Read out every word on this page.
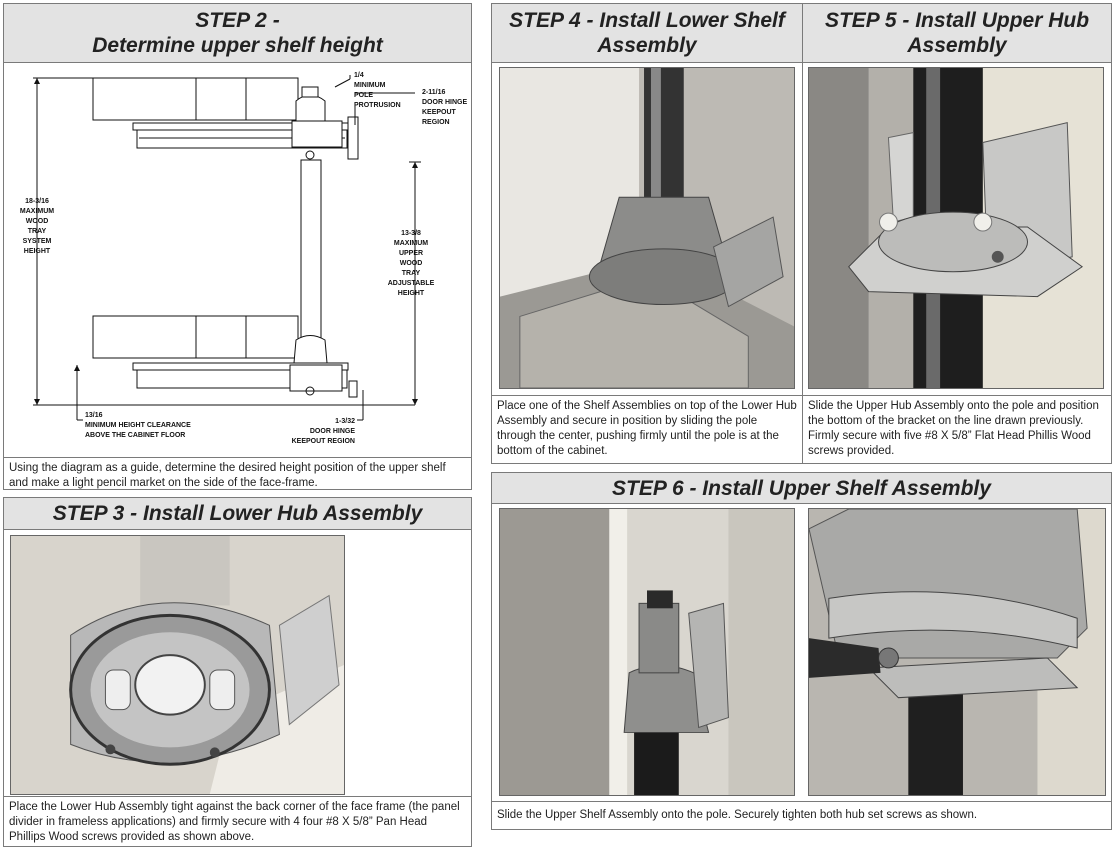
STEP 2 -
Determine upper shelf height
1/4
MINIMUM
POLE
PROTRUSION
2-11/16
DOOR HINGE
KEEPOUT
REGION
18-3/16
MAXIMUM
WOOD
TRAY
SYSTEM
HEIGHT
13-3/8
MAXIMUM
UPPER
WOOD
TRAY
ADJUSTABLE
HEIGHT
13/16
MINIMUM HEIGHT CLEARANCE
ABOVE THE CABINET FLOOR
1-3/32
DOOR HINGE
KEEPOUT REGION
Using the diagram as a guide, determine the desired height position of the upper shelf and make a light pencil market on the side of the face-frame.
STEP 3 - Install Lower Hub Assembly
Place the Lower Hub Assembly tight against the back corner of the face frame (the panel divider in frameless applications) and firmly secure with 4 four #8 X 5/8” Pan Head Phillips Wood screws provided as shown above.
STEP 4 - Install Lower Shelf
Assembly
STEP 5 - Install Upper Hub
Assembly
Place one of the Shelf Assemblies on top of the Lower Hub Assembly and secure in position by sliding the pole through the center, pushing firmly until the pole is at the bottom of the cabinet.
Slide the Upper Hub Assembly onto the pole and position the bottom of the bracket on the line drawn previously. Firmly secure with five #8 X 5/8” Flat Head Phillis Wood screws provided.
STEP 6 - Install Upper Shelf Assembly
Slide the Upper Shelf Assembly onto the pole. Securely tighten both hub set screws as shown.
